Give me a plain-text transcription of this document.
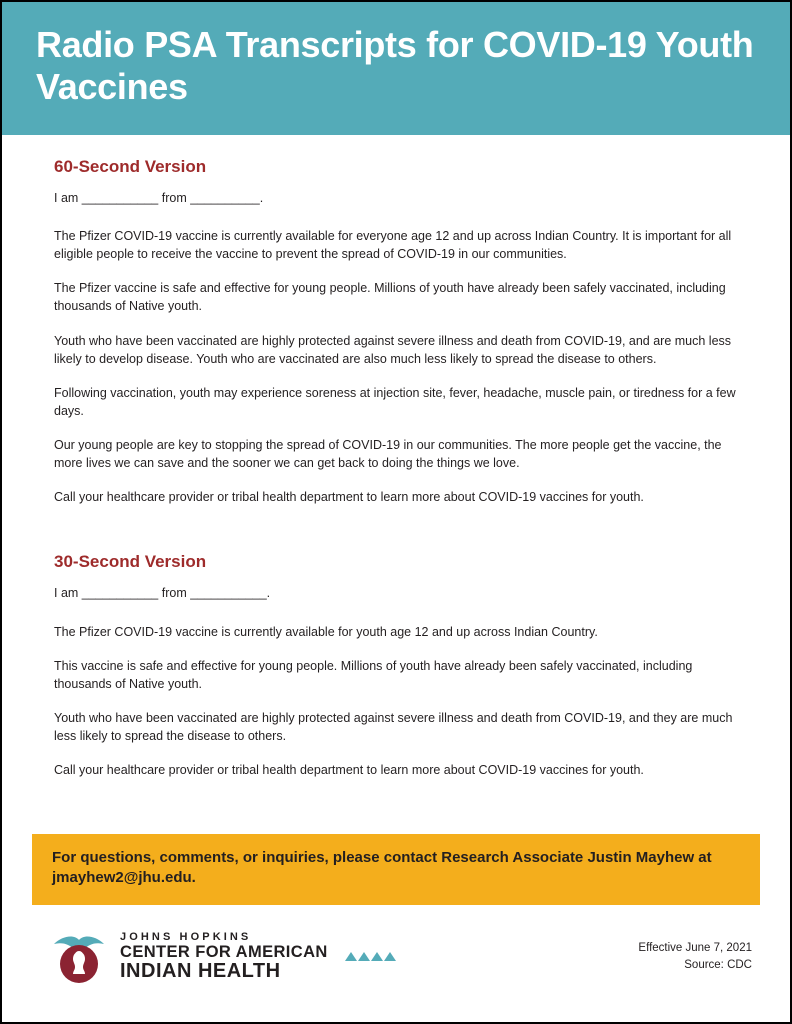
Radio PSA Transcripts for COVID-19 Youth Vaccines
60-Second Version

I am ___________ from __________.

The Pfizer COVID-19 vaccine is currently available for everyone age 12 and up across Indian Country. It is important for all eligible people to receive the vaccine to prevent the spread of COVID-19 in our communities.

The Pfizer vaccine is safe and effective for young people. Millions of youth have already been safely vaccinated, including thousands of Native youth.

Youth who have been vaccinated are highly protected against severe illness and death from COVID-19, and are much less likely to develop disease. Youth who are vaccinated are also much less likely to spread the disease to others.

Following vaccination, youth may experience soreness at injection site, fever, headache, muscle pain, or tiredness for a few days.

Our young people are key to stopping the spread of COVID-19 in our communities. The more people get the vaccine, the more lives we can save and the sooner we can get back to doing the things we love.

Call your healthcare provider or tribal health department to learn more about COVID-19 vaccines for youth.

30-Second Version

I am ___________ from ___________.

The Pfizer COVID-19 vaccine is currently available for youth age 12 and up across Indian Country.

This vaccine is safe and effective for young people. Millions of youth have already been safely vaccinated, including thousands of Native youth.

Youth who have been vaccinated are highly protected against severe illness and death from COVID-19, and they are much less likely to spread the disease to others.

Call your healthcare provider or tribal health department to learn more about COVID-19 vaccines for youth.

For questions, comments, or inquiries, please contact Research Associate Justin Mayhew at jmayhew2@jhu.edu.

JOHNS HOPKINS
CENTER FOR AMERICAN
INDIAN HEALTH
Effective June 7, 2021
Source: CDC
